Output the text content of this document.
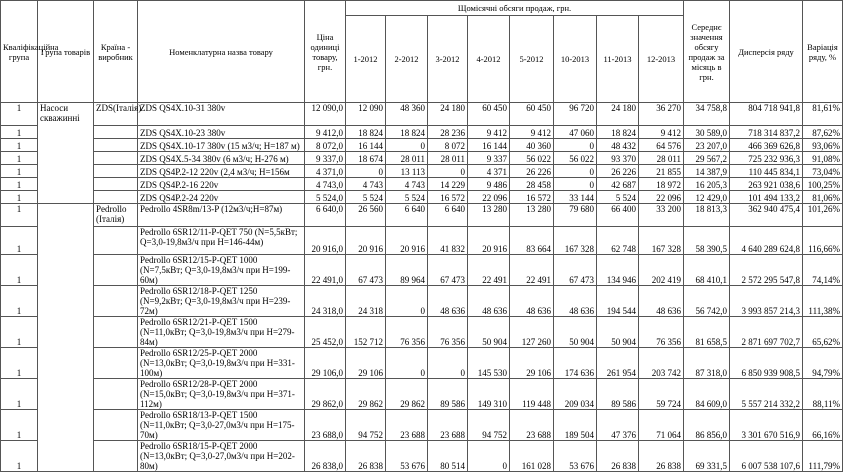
Кваліфікаційна група	Група товарів	Країна - виробник	Номенклатурна назва товару	Ціна одиниці товару, грн.	Щомісячні обсяги продаж, грн.								Середнє значення обсягу продаж за місяць в грн.	Дисперсія ряду	Варіація ряду, %
					1-2012	2-2012	3-2012	4-2012	5-2012	10-2013	11-2013	12-2013			
1	Насоси скважинні	ZDS(Італія)	ZDS QS4X.10-31 380v	12 090,0	12 090	48 360	24 180	60 450	60 450	96 720	24 180	36 270	34 758,8	804 718 941,8	81,61%
1			ZDS QS4X.10-23 380v	9 412,0	18 824	18 824	28 236	9 412	9 412	47 060	18 824	9 412	30 589,0	718 314 837,2	87,62%
1			ZDS QS4X.10-17 380v (15 м3/ч; H=187 м)	8 072,0	16 144	0	8 072	16 144	40 360	0	48 432	64 576	23 207,0	466 369 626,8	93,06%
1			ZDS QS4X.5-34 380v (6 м3/ч; H-276 м)	9 337,0	18 674	28 011	28 011	9 337	56 022	56 022	93 370	28 011	29 567,2	725 232 936,3	91,08%
1			ZDS QS4P.2-12 220v (2,4 м3/ч; H=156м	4 371,0	0	13 113	0	4 371	26 226	0	26 226	21 855	14 387,9	110 445 834,1	73,04%
1			ZDS QS4P.2-16 220v	4 743,0	4 743	4 743	14 229	9 486	28 458	0	42 687	18 972	16 205,3	263 921 038,6	100,25%
1			ZDS QS4P.2-24 220v	5 524,0	5 524	5 524	16 572	22 096	16 572	33 144	5 524	22 096	12 429,0	101 494 133,2	81,06%
1		Pedrollo (Італія)	Pedrollo 4SR8m/13-P (12м3/ч;H=87м)	6 640,0	26 560	6 640	6 640	13 280	13 280	79 680	66 400	33 200	18 813,3	362 940 475,4	101,26%
1			Pedrollo 6SR12/11-P-QET 750 (N=5,5кВт; Q=3,0-19,8м3/ч при H=146-44м)	20 916,0	20 916	20 916	41 832	20 916	83 664	167 328	62 748	167 328	58 390,5	4 640 289 624,8	116,66%
1			Pedrollo 6SR12/15-P-QET 1000 (N=7,5кВт; Q=3,0-19,8м3/ч при H=199-60м)	22 491,0	67 473	89 964	67 473	22 491	22 491	67 473	134 946	202 419	68 410,1	2 572 295 547,8	74,14%
1			Pedrollo 6SR12/18-P-QET 1250 (N=9,2кВт; Q=3,0-19,8м3/ч при H=239-72м)	24 318,0	24 318	0	48 636	48 636	48 636	48 636	194 544	48 636	56 742,0	3 993 857 214,3	111,38%
1			Pedrollo 6SR12/21-P-QET 1500 (N=11,0кВт; Q=3,0-19,8м3/ч при H=279-84м)	25 452,0	152 712	76 356	76 356	50 904	127 260	50 904	50 904	76 356	81 658,5	2 871 697 702,7	65,62%
1			Pedrollo 6SR12/25-P-QET 2000 (N=13,0кВт; Q=3,0-19,8м3/ч при H=331-100м)	29 106,0	29 106	0	0	145 530	29 106	174 636	261 954	203 742	87 318,0	6 850 939 908,5	94,79%
1			Pedrollo 6SR12/28-P-QET 2000 (N=15,0кВт; Q=3,0-19,8м3/ч при H=371-112м)	29 862,0	29 862	29 862	89 586	149 310	119 448	209 034	89 586	59 724	84 609,0	5 557 214 332,2	88,11%
1			Pedrollo 6SR18/13-P-QET 1500 (N=11,0кВт; Q=3,0-27,0м3/ч при H=175-70м)	23 688,0	94 752	23 688	23 688	94 752	23 688	189 504	47 376	71 064	86 856,0	3 301 670 516,9	66,16%
1			Pedrollo 6SR18/15-P-QET 2000 (N=13,0кВт; Q=3,0-27,0м3/ч при H=202-80м)	26 838,0	26 838	53 676	80 514	0	161 028	53 676	26 838	26 838	69 331,5	6 007 538 107,6	111,79%
